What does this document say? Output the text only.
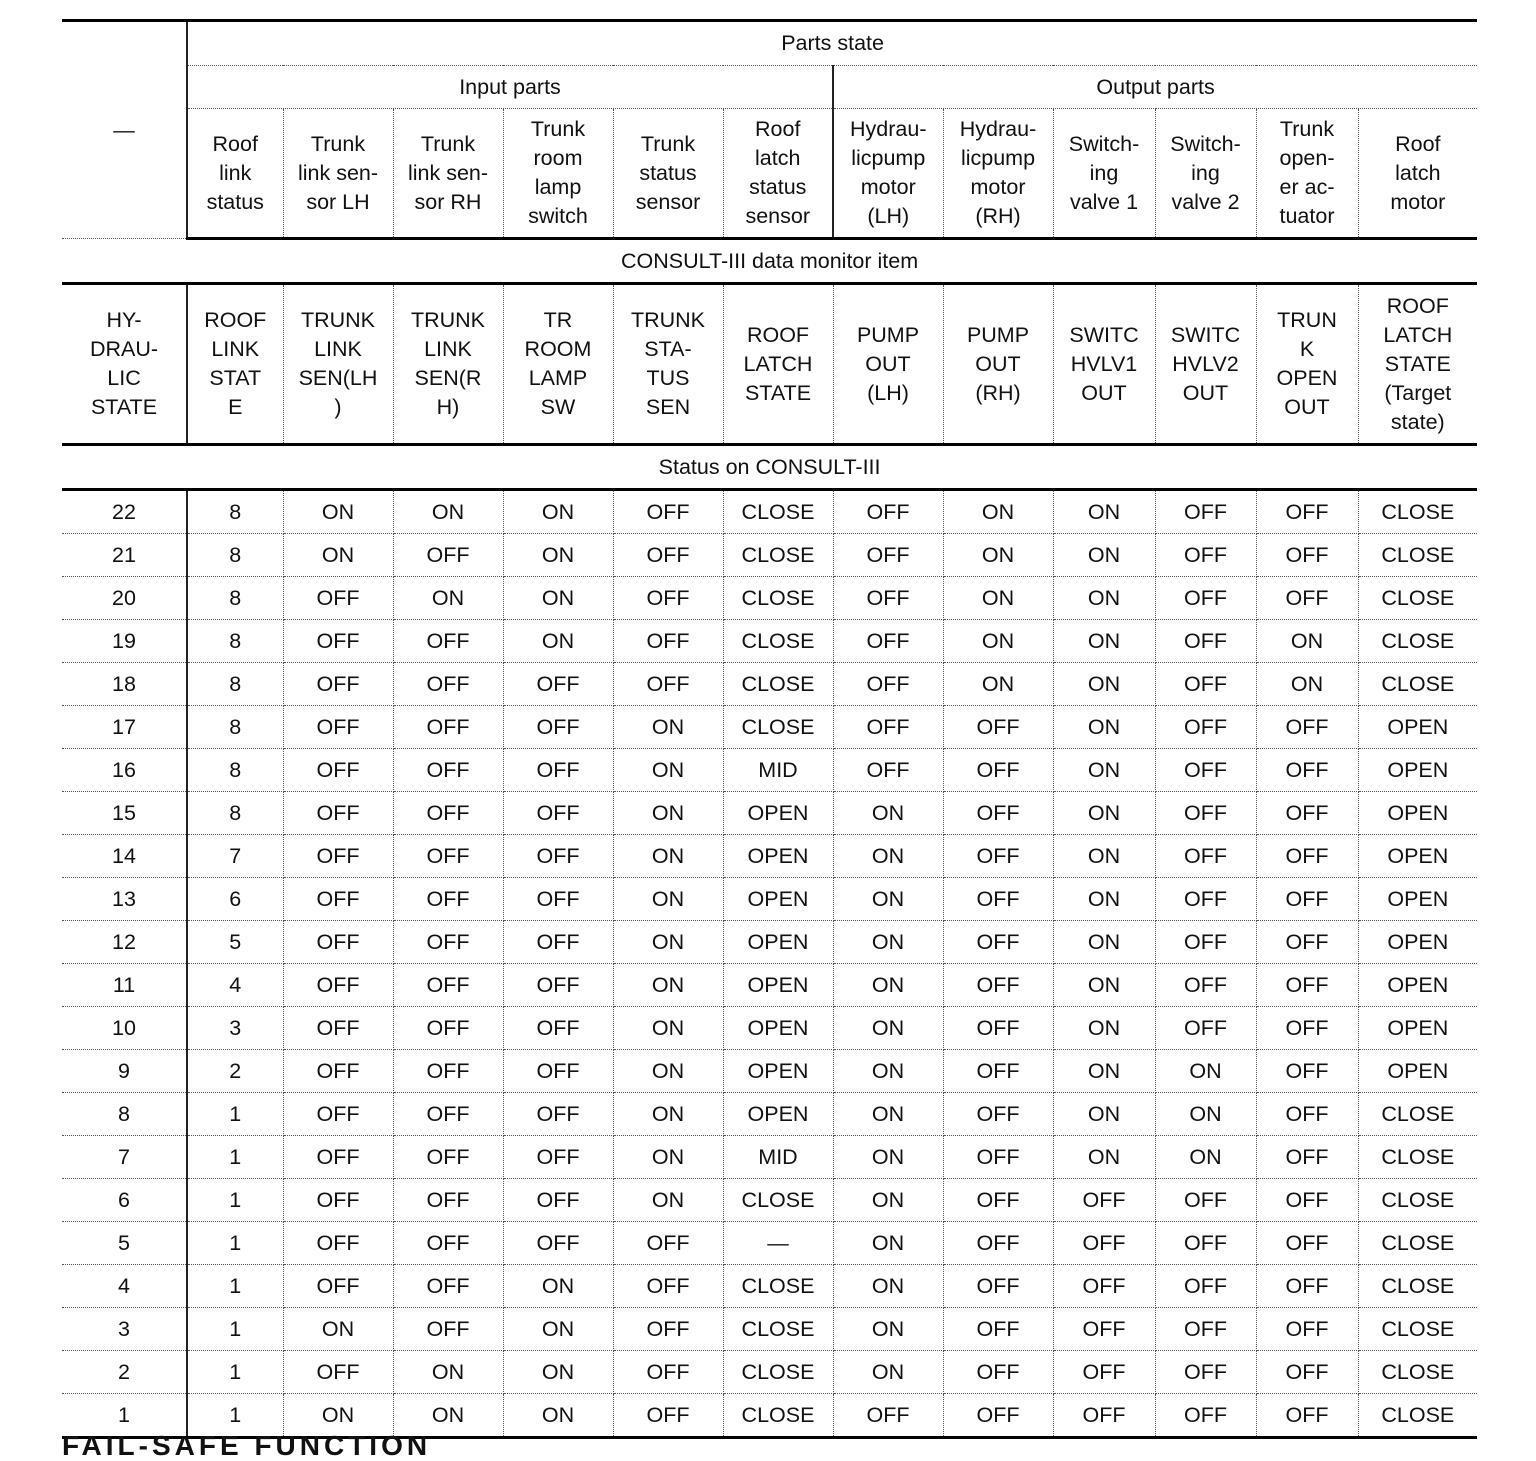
—	Parts state											
	Input parts						Output parts					
	Roof
link
status	Trunk
link sen-
sor LH	Trunk
link sen-
sor RH	Trunk
room
lamp
switch	Trunk
status
sensor	Roof
latch
status
sensor	Hydrau-
licpump
motor
(LH)	Hydrau-
licpump
motor
(RH)	Switch-
ing
valve 1	Switch-
ing
valve 2	Trunk
open-
er ac-
tuator	Roof
latch
motor
CONSULT-III data monitor item												
HY-
DRAU-
LIC
STATE	ROOF
LINK
STAT
E	TRUNK
LINK
SEN(LH
)	TRUNK
LINK
SEN(R
H)	TR
ROOM
LAMP
SW	TRUNK
STA-
TUS
SEN	ROOF
LATCH
STATE	PUMP
OUT
(LH)	PUMP
OUT
(RH)	SWITC
HVLV1
OUT	SWITC
HVLV2
OUT	TRUN
K
OPEN
OUT	ROOF
LATCH
STATE
(Target
state)
Status on CONSULT-III												
22	8	ON	ON	ON	OFF	CLOSE	OFF	ON	ON	OFF	OFF	CLOSE
21	8	ON	OFF	ON	OFF	CLOSE	OFF	ON	ON	OFF	OFF	CLOSE
20	8	OFF	ON	ON	OFF	CLOSE	OFF	ON	ON	OFF	OFF	CLOSE
19	8	OFF	OFF	ON	OFF	CLOSE	OFF	ON	ON	OFF	ON	CLOSE
18	8	OFF	OFF	OFF	OFF	CLOSE	OFF	ON	ON	OFF	ON	CLOSE
17	8	OFF	OFF	OFF	ON	CLOSE	OFF	OFF	ON	OFF	OFF	OPEN
16	8	OFF	OFF	OFF	ON	MID	OFF	OFF	ON	OFF	OFF	OPEN
15	8	OFF	OFF	OFF	ON	OPEN	ON	OFF	ON	OFF	OFF	OPEN
14	7	OFF	OFF	OFF	ON	OPEN	ON	OFF	ON	OFF	OFF	OPEN
13	6	OFF	OFF	OFF	ON	OPEN	ON	OFF	ON	OFF	OFF	OPEN
12	5	OFF	OFF	OFF	ON	OPEN	ON	OFF	ON	OFF	OFF	OPEN
11	4	OFF	OFF	OFF	ON	OPEN	ON	OFF	ON	OFF	OFF	OPEN
10	3	OFF	OFF	OFF	ON	OPEN	ON	OFF	ON	OFF	OFF	OPEN
9	2	OFF	OFF	OFF	ON	OPEN	ON	OFF	ON	ON	OFF	OPEN
8	1	OFF	OFF	OFF	ON	OPEN	ON	OFF	ON	ON	OFF	CLOSE
7	1	OFF	OFF	OFF	ON	MID	ON	OFF	ON	ON	OFF	CLOSE
6	1	OFF	OFF	OFF	ON	CLOSE	ON	OFF	OFF	OFF	OFF	CLOSE
5	1	OFF	OFF	OFF	OFF	—	ON	OFF	OFF	OFF	OFF	CLOSE
4	1	OFF	OFF	ON	OFF	CLOSE	ON	OFF	OFF	OFF	OFF	CLOSE
3	1	ON	OFF	ON	OFF	CLOSE	ON	OFF	OFF	OFF	OFF	CLOSE
2	1	OFF	ON	ON	OFF	CLOSE	ON	OFF	OFF	OFF	OFF	CLOSE
1	1	ON	ON	ON	OFF	CLOSE	OFF	OFF	OFF	OFF	OFF	CLOSE
FAIL-SAFE FUNCTION
